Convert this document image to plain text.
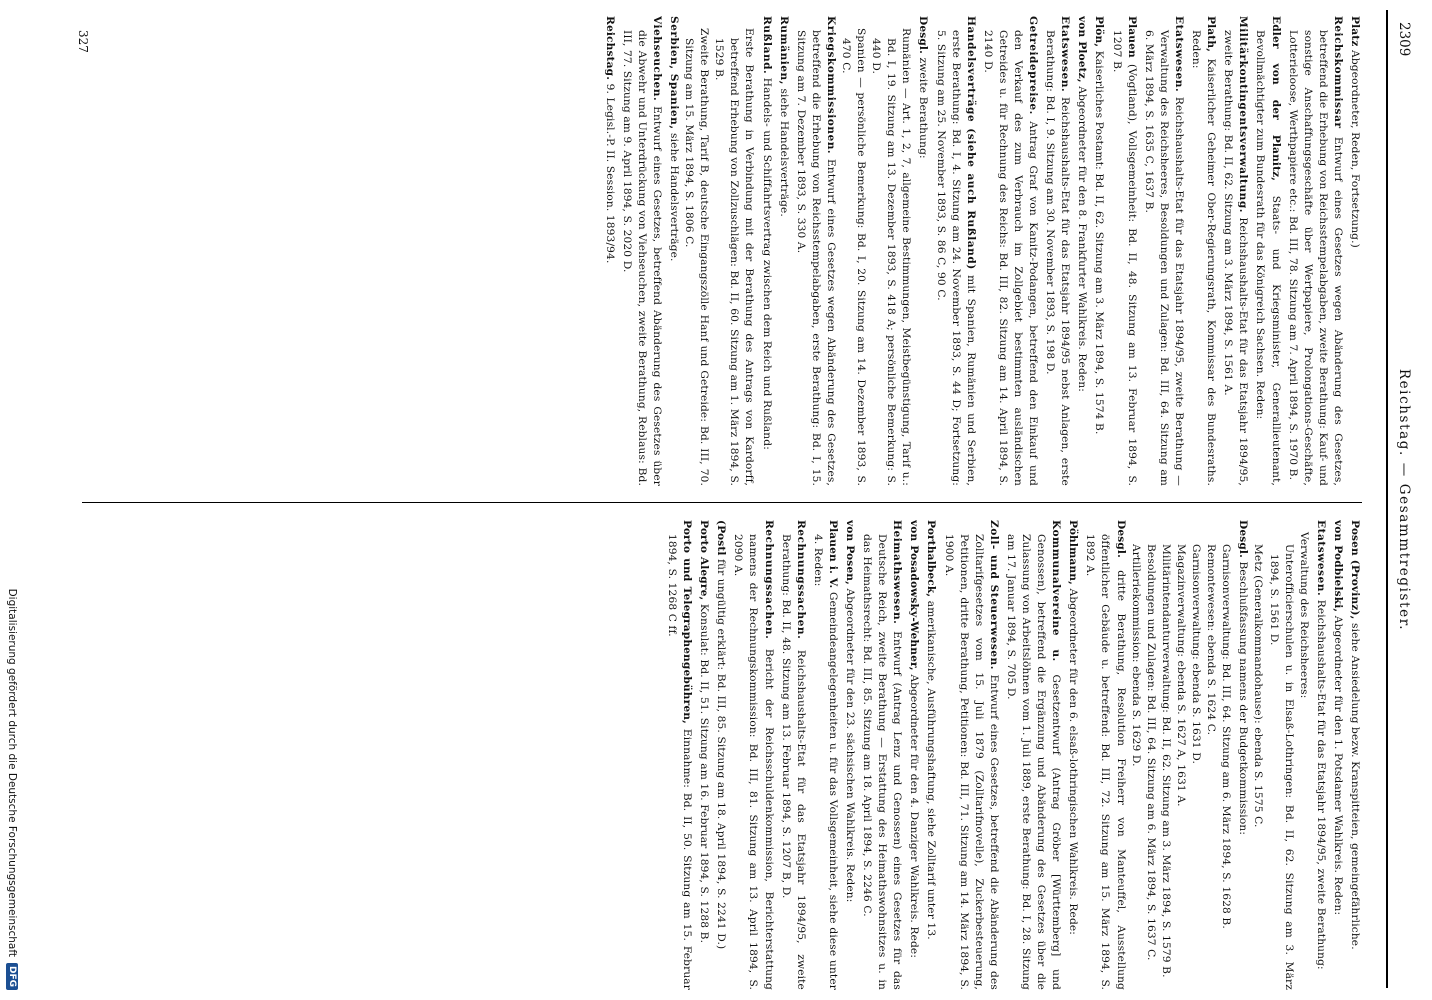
2309
Reichstag. — Gesammtregister.

Platz Abgeordneter, Reden, Fortsetzung.)

Reichskommissar Entwurf eines Gesetzes wegen Abänderung des Gesetzes, betreffend die Erhebung von Reichsstempelabgaben, zweite Berathung: Kauf- und sonstige Anschaffungsgeschäfte über Wertpapiere, Prolongations-Geschäfte, Lotterieloose, Werthpapiere etc.: Bd. III, 78. Sitzung am 7. April 1894, S. 1970 B.

Edler von der Planitz, Staats- und Kriegsminister, Generallieutenant, Bevollmächtigter zum Bundesrath für das Königreich Sachsen. Reden:

Militärkontingentsverwaltung. Reichshaushalts-Etat für das Etatsjahr 1894/95, zweite Berathung: Bd. II, 62. Sitzung am 3. März 1894, S. 1561 A.

Plath, Kaiserlicher Geheimer Ober-Regierungsrath, Kommissar des Bundesraths. Reden:

Etatswesen. Reichshaushalts-Etat für das Etatsjahr 1894/95, zweite Berathung — Verwaltung des Reichsheeres, Besoldungen und Zulagen: Bd. III, 64. Sitzung am 6. März 1894, S. 1635 C, 1637 B.

Plauen (Vogtland), Vollsgemeinheit: Bd. II, 48. Sitzung am 13. Februar 1894, S. 1207 B.

Plön, Kaiserliches Postamt: Bd. II, 62. Sitzung am 3. März 1894, S. 1574 B.

von Ploetz, Abgeordneter für den 8. Frankfurter Wahlkreis. Reden:

Etatswesen. Reichshaushalts-Etat für das Etatsjahr 1894/95 nebst Anlagen, erste Berathung: Bd. I, 9. Sitzung am 30. November 1893, S. 198 D.

Getreidepreise. Antrag Graf von Kanitz-Podangen, betreffend den Einkauf und den Verkauf des zum Verbrauch im Zollgebiet bestimmten ausländischen Getreides u. für Rechnung des Reichs: Bd. III, 82. Sitzung am 14. April 1894, S. 2140 D.

Handelsverträge (siehe auch Rußland) mit Spanien, Rumänien und Serbien, erste Berathung: Bd. I, 4. Sitzung am 24. November 1893, S. 44 D; Fortsetzung: 5. Sitzung am 25. November 1893, S. 86 C, 90 C.

Desgl. zweite Berathung:

Rumänien — Art. 1, 2, 7, allgemeine Bestimmungen, Meistbegünstigung, Tarif u.: Bd. I, 19. Sitzung am 13. Dezember 1893, S. 418 A; persönliche Bemerkung: S. 440 D.

Spanien — persönliche Bemerkung: Bd. I, 20. Sitzung am 14. Dezember 1893, S. 470 C.

Kriegskommissionen. Entwurf eines Gesetzes wegen Abänderung des Gesetzes, betreffend die Erhebung von Reichsstempelabgaben, erste Berathung: Bd. I, 15. Sitzung am 7. Dezember 1893, S. 330 A.

Rumänien, siehe Handelsverträge.

Rußland. Handels- und Schiffahrtsvertrag zwischen dem Reich und Rußland:

Erste Berathung in Verbindung mit der Berathung des Antrags von Kardorff, betreffend Erhebung von Zollzuschlägen: Bd. II, 60. Sitzung am 1. März 1894, S. 1529 B.

Zweite Berathung, Tarif B, deutsche Eingangszölle Hanf und Getreide: Bd. III, 70. Sitzung am 15. März 1894, S. 1806 C.

Serbien, Spanien, siehe Handelsverträge.

Viehseuchen. Entwurf eines Gesetzes, betreffend Abänderung des Gesetzes über die Abwehr und Unterdrückung von Viehseuchen, zweite Berathung, Reblaus: Bd. III, 77. Sitzung am 9. April 1894, S. 2020 D.

Reichstag. 9. Legisl.-P. II. Session. 1893/94.

Posen (Provinz), siehe Ansiedelung bezw. Kranspitteien, gemeingefährliche.

von Podbielski, Abgeordneter für den 1. Potsdamer Wahlkreis. Reden:

Etatswesen. Reichshaushalts-Etat für das Etatsjahr 1894/95, zweite Berathung:

Verwaltung des Reichsheeres:

Unterofficierschulen u. in Elsaß-Lothringen: Bd. II, 62. Sitzung am 3. März 1894, S. 1561 D.

Metz (Generalkommandohause): ebenda S. 1575 C.

Desgl. Beschlußfassung namens der Budgetkommission:

Garnisonverwaltung: Bd. III, 64. Sitzung am 6. März 1894, S. 1628 B.

Remontewesen: ebenda S. 1624 C.

Garnisonverwaltung: ebenda S. 1631 D.

Magazinverwaltung: ebenda S. 1627 A, 1631 A.

Militärintendanturverwaltung: Bd. II, 62. Sitzung am 3. März 1894, S. 1579 B.

Besoldungen und Zulagen: Bd. III, 64. Sitzung am 6. März 1894, S. 1637 C.

Artilleriekommission: ebenda S. 1629 D.

Desgl. dritte Berathung, Resolution Freiherr von Manteuffel, Ausstellung öffentlicher Gebäude u. betreffend: Bd. III, 72. Sitzung am 15. März 1894, S. 1892 A.

Pöhlmann, Abgeordneter für den 6. elsaß-lothringischen Wahlkreis. Rede:

Kommunalvereine u. Gesetzentwurf (Antrag Gröber [Württemberg] und Genossen), betreffend die Ergänzung und Abänderung des Gesetzes über die Zulassung von Arbeitslöhnen vom 1. Juli 1889, erste Berathung: Bd. I, 28. Sitzung am 17. Januar 1894, S. 705 D.

Zoll- und Steuerwesen. Entwurf eines Gesetzes, betreffend die Abänderung des Zolltarifgesetzes vom 15. Juli 1879 (Zolltarifnovelle), Zuckerbesteuerung, Petitionen, dritte Berathung, Petitionen: Bd. III, 71. Sitzung am 14. März 1894, S. 1900 A.

Porthalbeck, amerikanische, Ausführungshaftung, siehe Zolltarif unter 13.

von Posadowsky-Wehner, Abgeordneter für den 4. Danziger Wahlkreis. Rede:

Heimathswesen. Entwurf (Antrag Lenz und Genossen) eines Gesetzes für das Deutsche Reich, zweite Berathung — Erstattung des Heimathswohnsitzes u. in das Heimathsrecht: Bd. III, 85. Sitzung am 18. April 1894, S. 2246 C.

von Posen, Abgeordneter für den 23. sächsischen Wahlkreis. Reden:

Plauen i. V. Gemeindeangelegenheiten u. für das Vollsgemeinheit, siehe diese unter 4. Reden:

Rechnungssachen. Reichshaushalts-Etat für das Etatsjahr 1894/95, zweite Berathung: Bd. II, 48. Sitzung am 13. Februar 1894, S. 1207 B, D.

Rechnungssachen. Bericht der Reichsschuldenkommission, Berichterstattung namens der Rechnungskommission: Bd. III, 81. Sitzung am 13. April 1894, S. 2090 A.

(Postl für ungültig erklärt: Bd. III, 85. Sitzung am 18. April 1894, S. 2241 D.)

Porto Alegre, Konsulat: Bd. II, 51. Sitzung am 16. Februar 1894, S. 1288 B.

Porto und Telegraphengebühren, Einnahme: Bd. II, 50. Sitzung am 15. Februar 1894, S. 1268 C ff.

327
Digitalisierung gefördert durch die Deutsche Forschungsgemeinschaft
DFG
